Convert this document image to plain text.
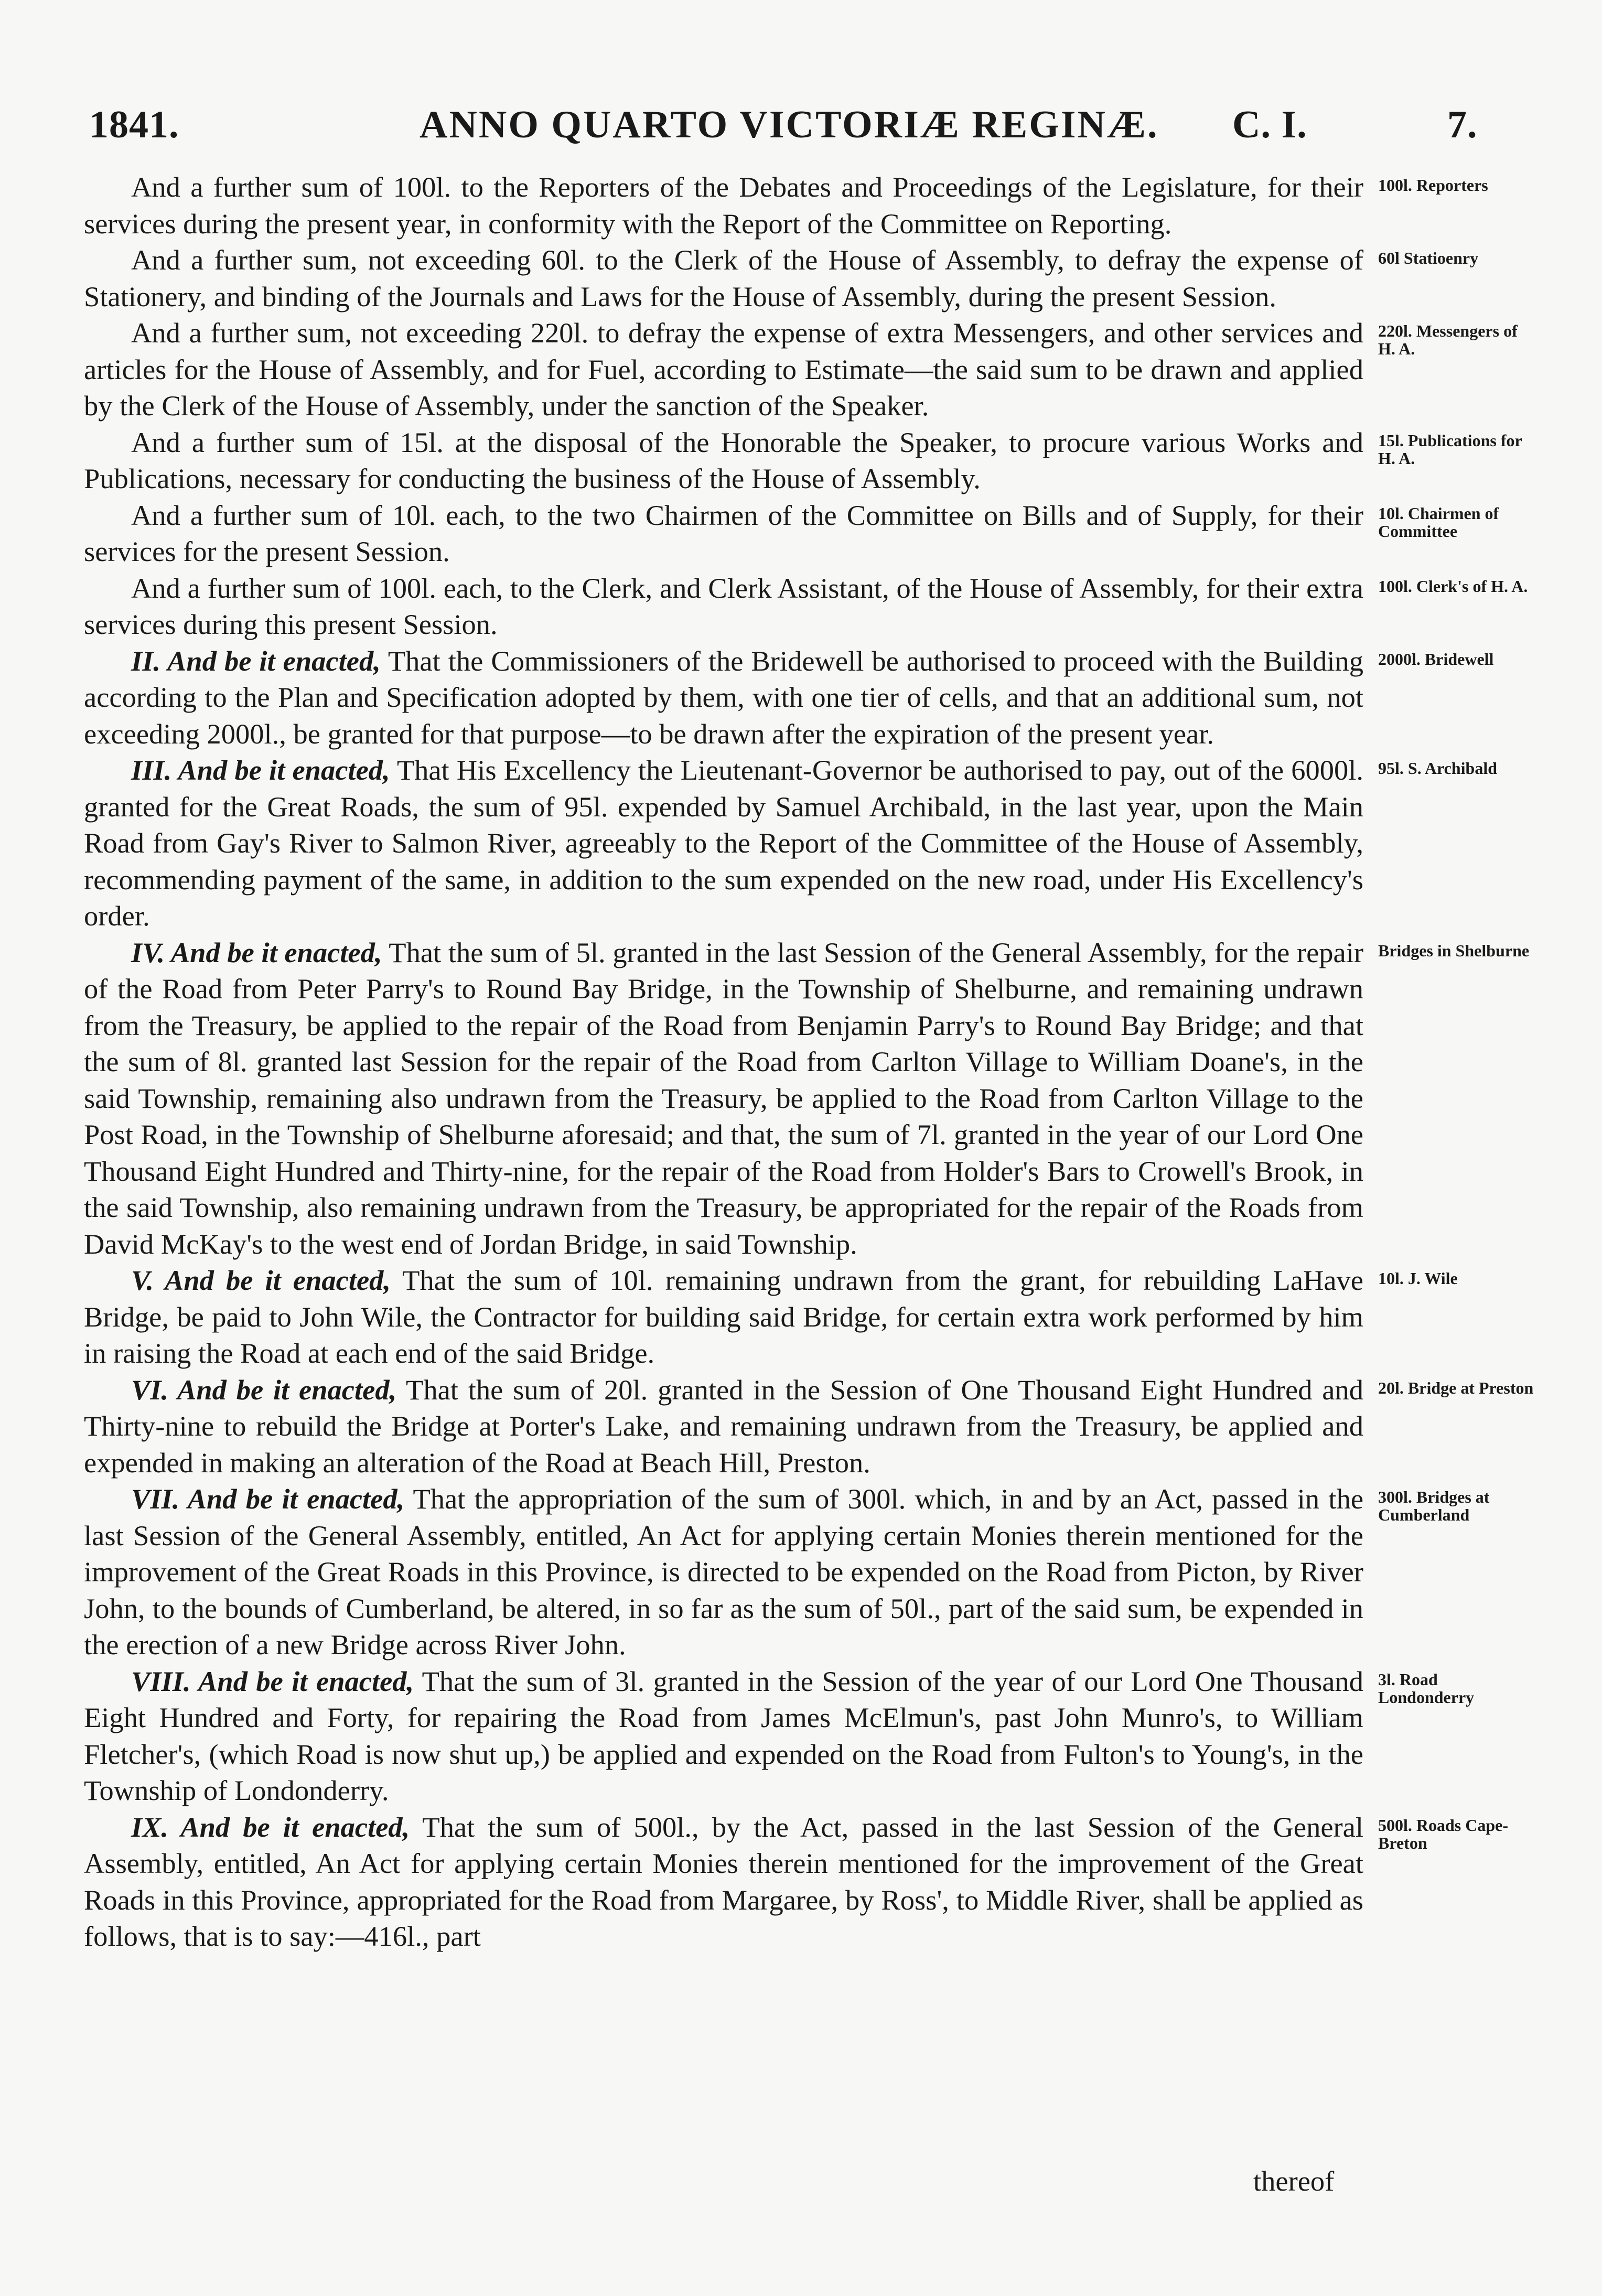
1841.	ANNO QUARTO VICTORIÆ REGINÆ. C. I.	7.

And a further sum of 100l. to the Reporters of the Debates and Proceedings of the Legislature, for their services during the present year, in conformity with the Report of the Committee on Reporting.

And a further sum, not exceeding 60l. to the Clerk of the House of Assembly, to defray the expense of Stationery, and binding of the Journals and Laws for the House of Assembly, during the present Session.

And a further sum, not exceeding 220l. to defray the expense of extra Messengers, and other services and articles for the House of Assembly, and for Fuel, according to Estimate—the said sum to be drawn and applied by the Clerk of the House of Assembly, under the sanction of the Speaker.

And a further sum of 15l. at the disposal of the Honorable the Speaker, to procure various Works and Publications, necessary for conducting the business of the House of Assembly.

And a further sum of 10l. each, to the two Chairmen of the Committee on Bills and of Supply, for their services for the present Session.

And a further sum of 100l. each, to the Clerk, and Clerk Assistant, of the House of Assembly, for their extra services during this present Session.

II. And be it enacted, That the Commissioners of the Bridewell be authorised to proceed with the Building according to the Plan and Specification adopted by them, with one tier of cells, and that an additional sum, not exceeding 2000l., be granted for that purpose—to be drawn after the expiration of the present year.

III. And be it enacted, That His Excellency the Lieutenant-Governor be authorised to pay, out of the 6000l. granted for the Great Roads, the sum of 95l. expended by Samuel Archibald, in the last year, upon the Main Road from Gay's River to Salmon River, agreeably to the Report of the Committee of the House of Assembly, recommending payment of the same, in addition to the sum expended on the new road, under His Excellency's order.

IV. And be it enacted, That the sum of 5l. granted in the last Session of the General Assembly, for the repair of the Road from Peter Parry's to Round Bay Bridge, in the Township of Shelburne, and remaining undrawn from the Treasury, be applied to the repair of the Road from Benjamin Parry's to Round Bay Bridge; and that the sum of 8l. granted last Session for the repair of the Road from Carlton Village to William Doane's, in the said Township, remaining also undrawn from the Treasury, be applied to the Road from Carlton Village to the Post Road, in the Township of Shelburne aforesaid; and that, the sum of 7l. granted in the year of our Lord One Thousand Eight Hundred and Thirty-nine, for the repair of the Road from Holder's Bars to Crowell's Brook, in the said Township, also remaining undrawn from the Treasury, be appropriated for the repair of the Roads from David McKay's to the west end of Jordan Bridge, in said Township.

V. And be it enacted, That the sum of 10l. remaining undrawn from the grant, for rebuilding LaHave Bridge, be paid to John Wile, the Contractor for building said Bridge, for certain extra work performed by him in raising the Road at each end of the said Bridge.

VI. And be it enacted, That the sum of 20l. granted in the Session of One Thousand Eight Hundred and Thirty-nine to rebuild the Bridge at Porter's Lake, and remaining undrawn from the Treasury, be applied and expended in making an alteration of the Road at Beach Hill, Preston.

VII. And be it enacted, That the appropriation of the sum of 300l. which, in and by an Act, passed in the last Session of the General Assembly, entitled, An Act for applying certain Monies therein mentioned for the improvement of the Great Roads in this Province, is directed to be expended on the Road from Picton, by River John, to the bounds of Cumberland, be altered, in so far as the sum of 50l., part of the said sum, be expended in the erection of a new Bridge across River John.

VIII. And be it enacted, That the sum of 3l. granted in the Session of the year of our Lord One Thousand Eight Hundred and Forty, for repairing the Road from James McElmun's, past John Munro's, to William Fletcher's, (which Road is now shut up,) be applied and expended on the Road from Fulton's to Young's, in the Township of Londonderry.

IX. And be it enacted, That the sum of 500l., by the Act, passed in the last Session of the General Assembly, entitled, An Act for applying certain Monies therein mentioned for the improvement of the Great Roads in this Province, appropriated for the Road from Margaree, by Ross', to Middle River, shall be applied as follows, that is to say:—416l., part

100l. Reporters
60l Statioenry
220l. Messengers of H. A.
15l. Publications for H. A.
10l. Chairmen of Committee
100l. Clerk's of H. A.
2000l. Bridewell
95l. S. Archibald
Bridges in Shelburne
10l. J. Wile
20l. Bridge at Preston
300l. Bridges at Cumberland
3l. Road Londonderry
500l. Roads Cape-Breton
thereof
